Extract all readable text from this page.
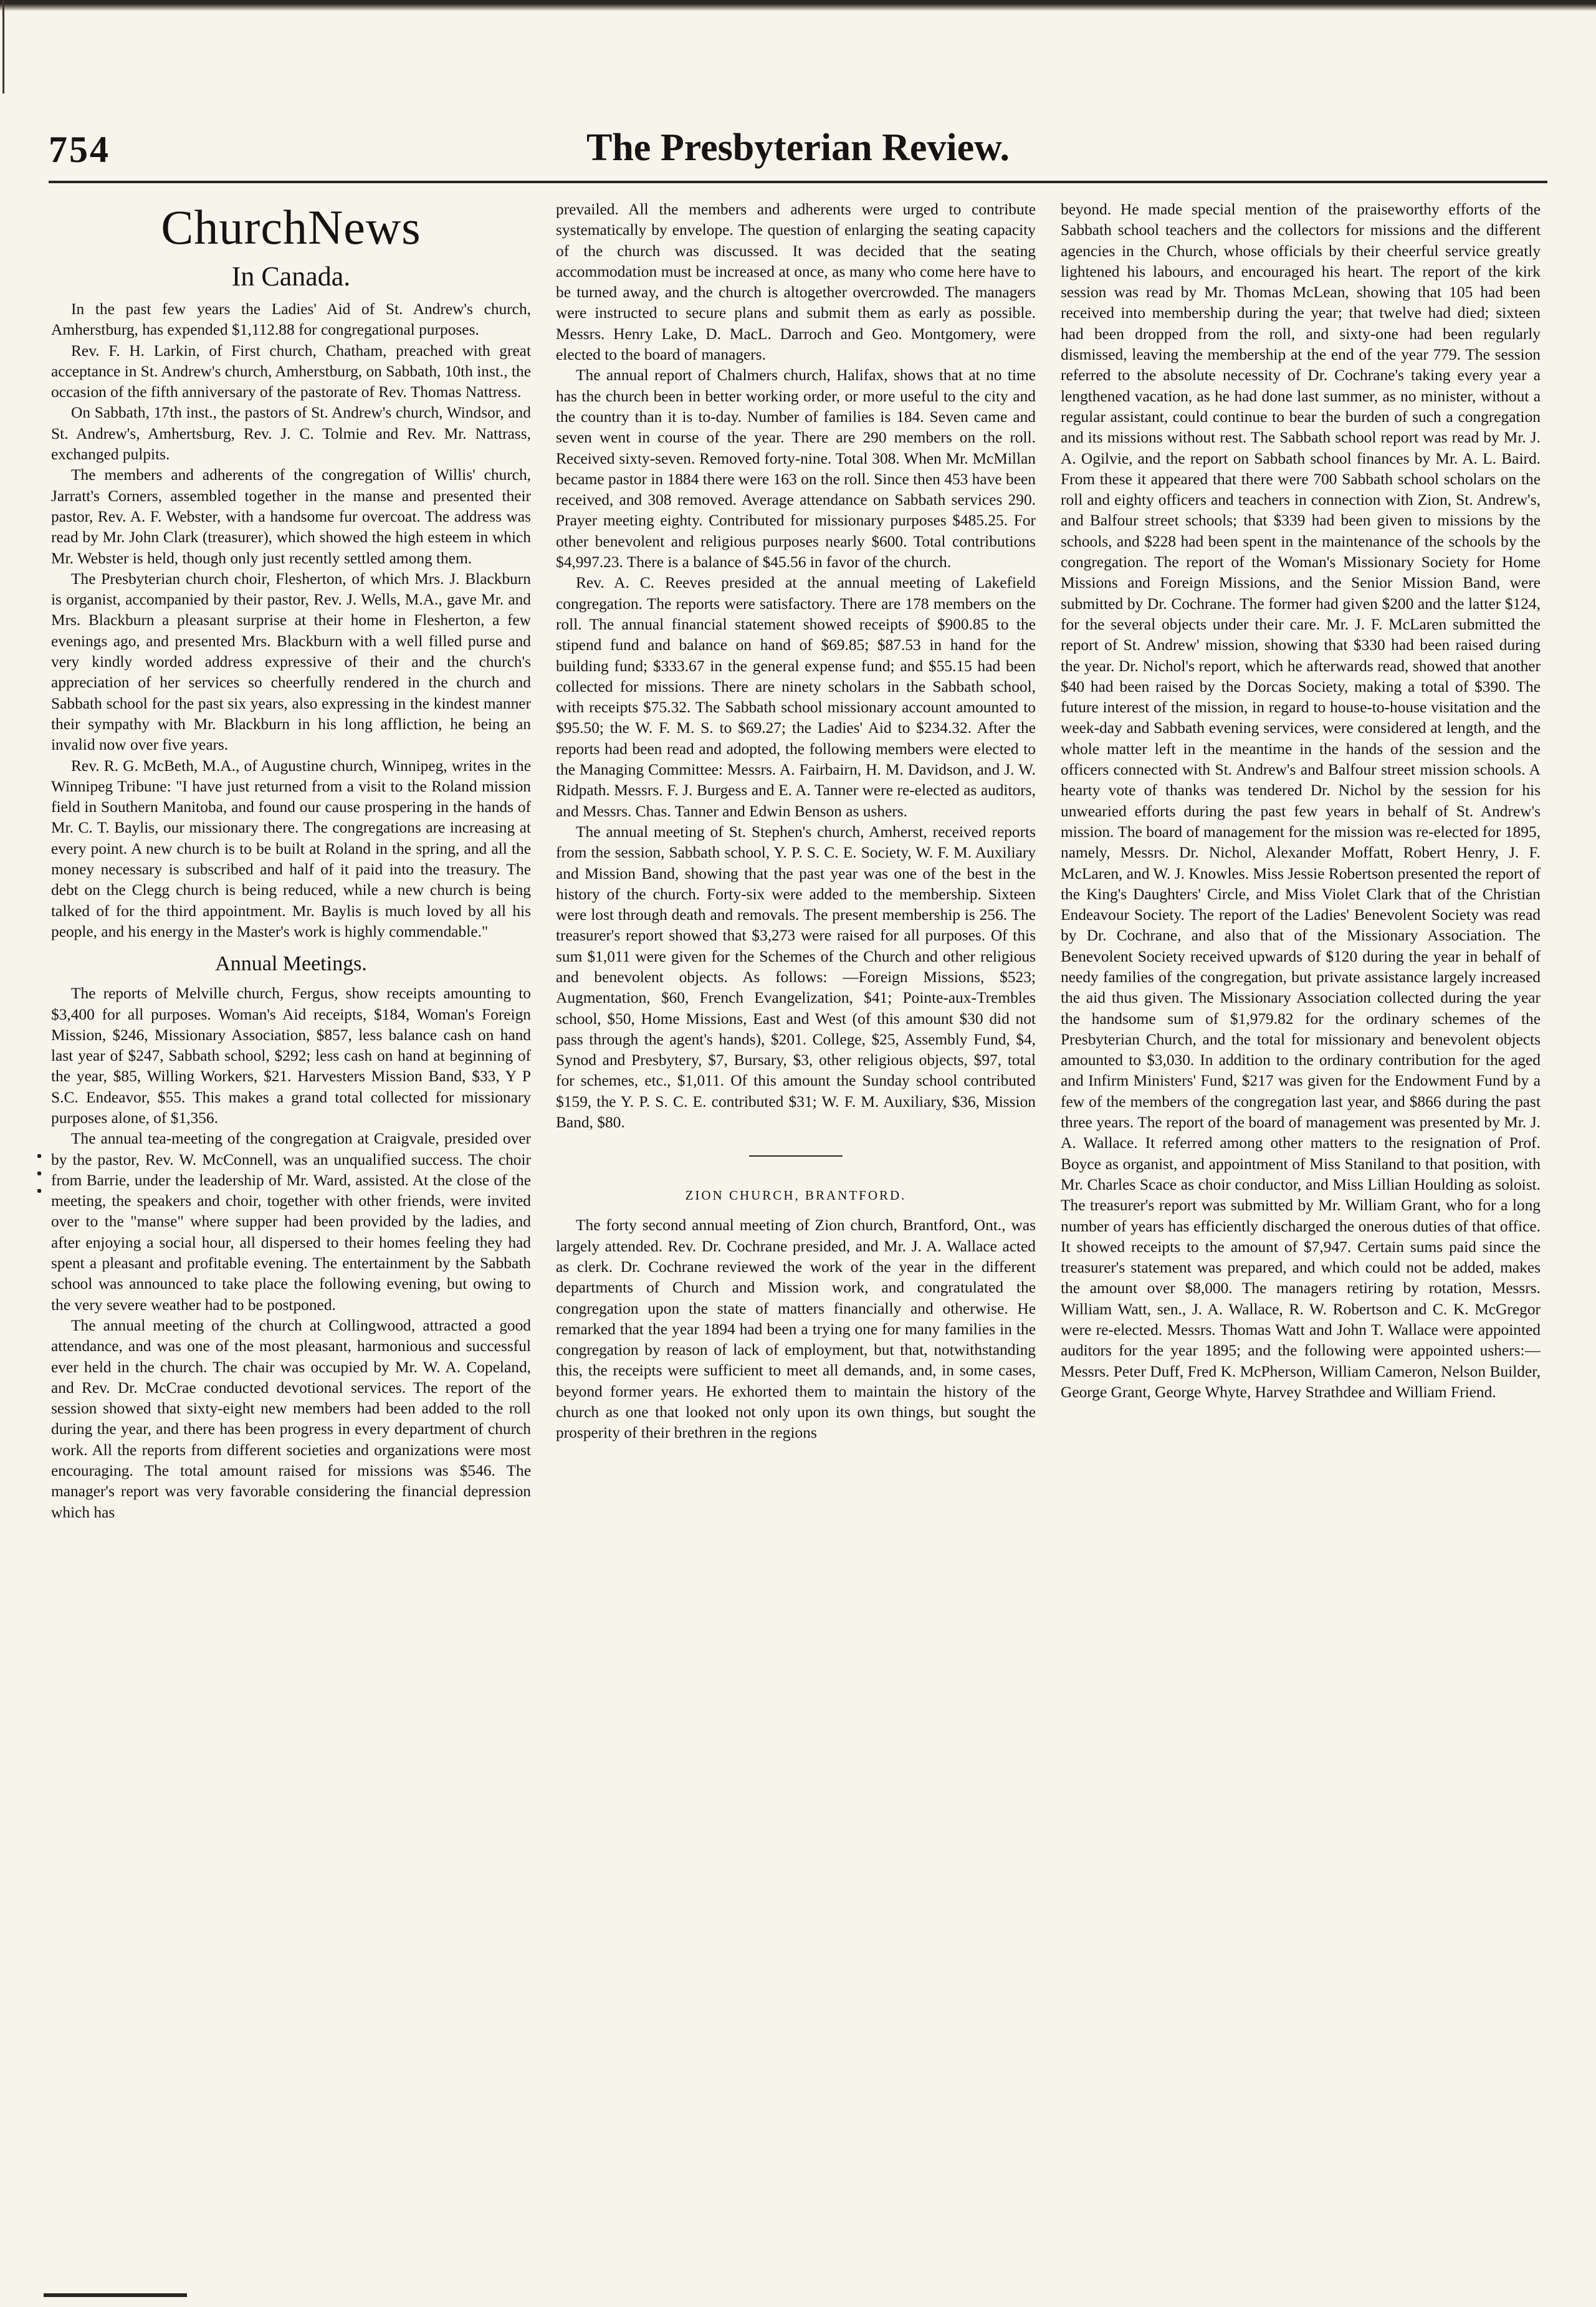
754	The Presbyterian Review.
ChurchNews
In Canada.

In the past few years the Ladies' Aid of St. Andrew's church, Amherstburg, has expended $1,112.88 for congregational purposes.

Rev. F. H. Larkin, of First church, Chatham, preached with great acceptance in St. Andrew's church, Amherstburg, on Sabbath, 10th inst., the occasion of the fifth anniversary of the pastorate of Rev. Thomas Nattress.

On Sabbath, 17th inst., the pastors of St. Andrew's church, Windsor, and St. Andrew's, Amhertsburg, Rev. J. C. Tolmie and Rev. Mr. Nattrass, exchanged pulpits.

The members and adherents of the congregation of Willis' church, Jarratt's Corners, assembled together in the manse and presented their pastor, Rev. A. F. Webster, with a handsome fur overcoat. The address was read by Mr. John Clark (treasurer), which showed the high esteem in which Mr. Webster is held, though only just recently settled among them.

The Presbyterian church choir, Flesherton, of which Mrs. J. Blackburn is organist, accompanied by their pastor, Rev. J. Wells, M.A., gave Mr. and Mrs. Blackburn a pleasant surprise at their home in Flesherton, a few evenings ago, and presented Mrs. Blackburn with a well filled purse and very kindly worded address expressive of their and the church's appreciation of her services so cheerfully rendered in the church and Sabbath school for the past six years, also expressing in the kindest manner their sympathy with Mr. Blackburn in his long affliction, he being an invalid now over five years.

Rev. R. G. McBeth, M.A., of Augustine church, Winnipeg, writes in the Winnipeg Tribune: "I have just returned from a visit to the Roland mission field in Southern Manitoba, and found our cause prospering in the hands of Mr. C. T. Baylis, our missionary there. The congregations are increasing at every point. A new church is to be built at Roland in the spring, and all the money necessary is subscribed and half of it paid into the treasury. The debt on the Clegg church is being reduced, while a new church is being talked of for the third appointment. Mr. Baylis is much loved by all his people, and his energy in the Master's work is highly commendable."

Annual Meetings.

The reports of Melville church, Fergus, show receipts amounting to $3,400 for all purposes. Woman's Aid receipts, $184, Woman's Foreign Mission, $246, Missionary Association, $857, less balance cash on hand last year of $247, Sabbath school, $292; less cash on hand at beginning of the year, $85, Willing Workers, $21. Harvesters Mission Band, $33, Y P S.C. Endeavor, $55. This makes a grand total collected for missionary purposes alone, of $1,356.

The annual tea-meeting of the congregation at Craigvale, presided over by the pastor, Rev. W. McConnell, was an unqualified success. The choir from Barrie, under the leadership of Mr. Ward, assisted. At the close of the meeting, the speakers and choir, together with other friends, were invited over to the "manse" where supper had been provided by the ladies, and after enjoying a social hour, all dispersed to their homes feeling they had spent a pleasant and profitable evening. The entertainment by the Sabbath school was announced to take place the following evening, but owing to the very severe weather had to be postponed.

The annual meeting of the church at Collingwood, attracted a good attendance, and was one of the most pleasant, harmonious and successful ever held in the church. The chair was occupied by Mr. W. A. Copeland, and Rev. Dr. McCrae conducted devotional services. The report of the session showed that sixty-eight new members had been added to the roll during the year, and there has been progress in every department of church work. All the reports from different societies and organizations were most encouraging. The total amount raised for missions was $546. The manager's report was very favorable considering the financial depression which has

prevailed. All the members and adherents were urged to contribute systematically by envelope. The question of enlarging the seating capacity of the church was discussed. It was decided that the seating accommodation must be increased at once, as many who come here have to be turned away, and the church is altogether overcrowded. The managers were instructed to secure plans and submit them as early as possible. Messrs. Henry Lake, D. MacL. Darroch and Geo. Montgomery, were elected to the board of managers.

The annual report of Chalmers church, Halifax, shows that at no time has the church been in better working order, or more useful to the city and the country than it is to-day. Number of families is 184. Seven came and seven went in course of the year. There are 290 members on the roll. Received sixty-seven. Removed forty-nine. Total 308. When Mr. McMillan became pastor in 1884 there were 163 on the roll. Since then 453 have been received, and 308 removed. Average attendance on Sabbath services 290. Prayer meeting eighty. Contributed for missionary purposes $485.25. For other benevolent and religious purposes nearly $600. Total contributions $4,997.23. There is a balance of $45.56 in favor of the church.

Rev. A. C. Reeves presided at the annual meeting of Lakefield congregation. The reports were satisfactory. There are 178 members on the roll. The annual financial statement showed receipts of $900.85 to the stipend fund and balance on hand of $69.85; $87.53 in hand for the building fund; $333.67 in the general expense fund; and $55.15 had been collected for missions. There are ninety scholars in the Sabbath school, with receipts $75.32. The Sabbath school missionary account amounted to $95.50; the W. F. M. S. to $69.27; the Ladies' Aid to $234.32. After the reports had been read and adopted, the following members were elected to the Managing Committee: Messrs. A. Fairbairn, H. M. Davidson, and J. W. Ridpath. Messrs. F. J. Burgess and E. A. Tanner were re-elected as auditors, and Messrs. Chas. Tanner and Edwin Benson as ushers.

The annual meeting of St. Stephen's church, Amherst, received reports from the session, Sabbath school, Y. P. S. C. E. Society, W. F. M. Auxiliary and Mission Band, showing that the past year was one of the best in the history of the church. Forty-six were added to the membership. Sixteen were lost through death and removals. The present membership is 256. The treasurer's report showed that $3,273 were raised for all purposes. Of this sum $1,011 were given for the Schemes of the Church and other religious and benevolent objects. As follows: —Foreign Missions, $523; Augmentation, $60, French Evangelization, $41; Pointe-aux-Trembles school, $50, Home Missions, East and West (of this amount $30 did not pass through the agent's hands), $201. College, $25, Assembly Fund, $4, Synod and Presbytery, $7, Bursary, $3, other religious objects, $97, total for schemes, etc., $1,011. Of this amount the Sunday school contributed $159, the Y. P. S. C. E. contributed $31; W. F. M. Auxiliary, $36, Mission Band, $80.

ZION CHURCH, BRANTFORD.

The forty second annual meeting of Zion church, Brantford, Ont., was largely attended. Rev. Dr. Cochrane presided, and Mr. J. A. Wallace acted as clerk. Dr. Cochrane reviewed the work of the year in the different departments of Church and Mission work, and congratulated the congregation upon the state of matters financially and otherwise. He remarked that the year 1894 had been a trying one for many families in the congregation by reason of lack of employment, but that, notwithstanding this, the receipts were sufficient to meet all demands, and, in some cases, beyond former years. He exhorted them to maintain the history of the church as one that looked not only upon its own things, but sought the prosperity of their brethren in the regions

beyond. He made special mention of the praiseworthy efforts of the Sabbath school teachers and the collectors for missions and the different agencies in the Church, whose officials by their cheerful service greatly lightened his labours, and encouraged his heart. The report of the kirk session was read by Mr. Thomas McLean, showing that 105 had been received into membership during the year; that twelve had died; sixteen had been dropped from the roll, and sixty-one had been regularly dismissed, leaving the membership at the end of the year 779. The session referred to the absolute necessity of Dr. Cochrane's taking every year a lengthened vacation, as he had done last summer, as no minister, without a regular assistant, could continue to bear the burden of such a congregation and its missions without rest. The Sabbath school report was read by Mr. J. A. Ogilvie, and the report on Sabbath school finances by Mr. A. L. Baird. From these it appeared that there were 700 Sabbath school scholars on the roll and eighty officers and teachers in connection with Zion, St. Andrew's, and Balfour street schools; that $339 had been given to missions by the schools, and $228 had been spent in the maintenance of the schools by the congregation. The report of the Woman's Missionary Society for Home Missions and Foreign Missions, and the Senior Mission Band, were submitted by Dr. Cochrane. The former had given $200 and the latter $124, for the several objects under their care. Mr. J. F. McLaren submitted the report of St. Andrew' mission, showing that $330 had been raised during the year. Dr. Nichol's report, which he afterwards read, showed that another $40 had been raised by the Dorcas Society, making a total of $390. The future interest of the mission, in regard to house-to-house visitation and the week-day and Sabbath evening services, were considered at length, and the whole matter left in the meantime in the hands of the session and the officers connected with St. Andrew's and Balfour street mission schools. A hearty vote of thanks was tendered Dr. Nichol by the session for his unwearied efforts during the past few years in behalf of St. Andrew's mission. The board of management for the mission was re-elected for 1895, namely, Messrs. Dr. Nichol, Alexander Moffatt, Robert Henry, J. F. McLaren, and W. J. Knowles. Miss Jessie Robertson presented the report of the King's Daughters' Circle, and Miss Violet Clark that of the Christian Endeavour Society. The report of the Ladies' Benevolent Society was read by Dr. Cochrane, and also that of the Missionary Association. The Benevolent Society received upwards of $120 during the year in behalf of needy families of the congregation, but private assistance largely increased the aid thus given. The Missionary Association collected during the year the handsome sum of $1,979.82 for the ordinary schemes of the Presbyterian Church, and the total for missionary and benevolent objects amounted to $3,030. In addition to the ordinary contribution for the aged and Infirm Ministers' Fund, $217 was given for the Endowment Fund by a few of the members of the congregation last year, and $866 during the past three years. The report of the board of management was presented by Mr. J. A. Wallace. It referred among other matters to the resignation of Prof. Boyce as organist, and appointment of Miss Staniland to that position, with Mr. Charles Scace as choir conductor, and Miss Lillian Houlding as soloist. The treasurer's report was submitted by Mr. William Grant, who for a long number of years has efficiently discharged the onerous duties of that office. It showed receipts to the amount of $7,947. Certain sums paid since the treasurer's statement was prepared, and which could not be added, makes the amount over $8,000. The managers retiring by rotation, Messrs. William Watt, sen., J. A. Wallace, R. W. Robertson and C. K. McGregor were re-elected. Messrs. Thomas Watt and John T. Wallace were appointed auditors for the year 1895; and the following were appointed ushers:— Messrs. Peter Duff, Fred K. McPherson, William Cameron, Nelson Builder, George Grant, George Whyte, Harvey Strathdee and William Friend.
